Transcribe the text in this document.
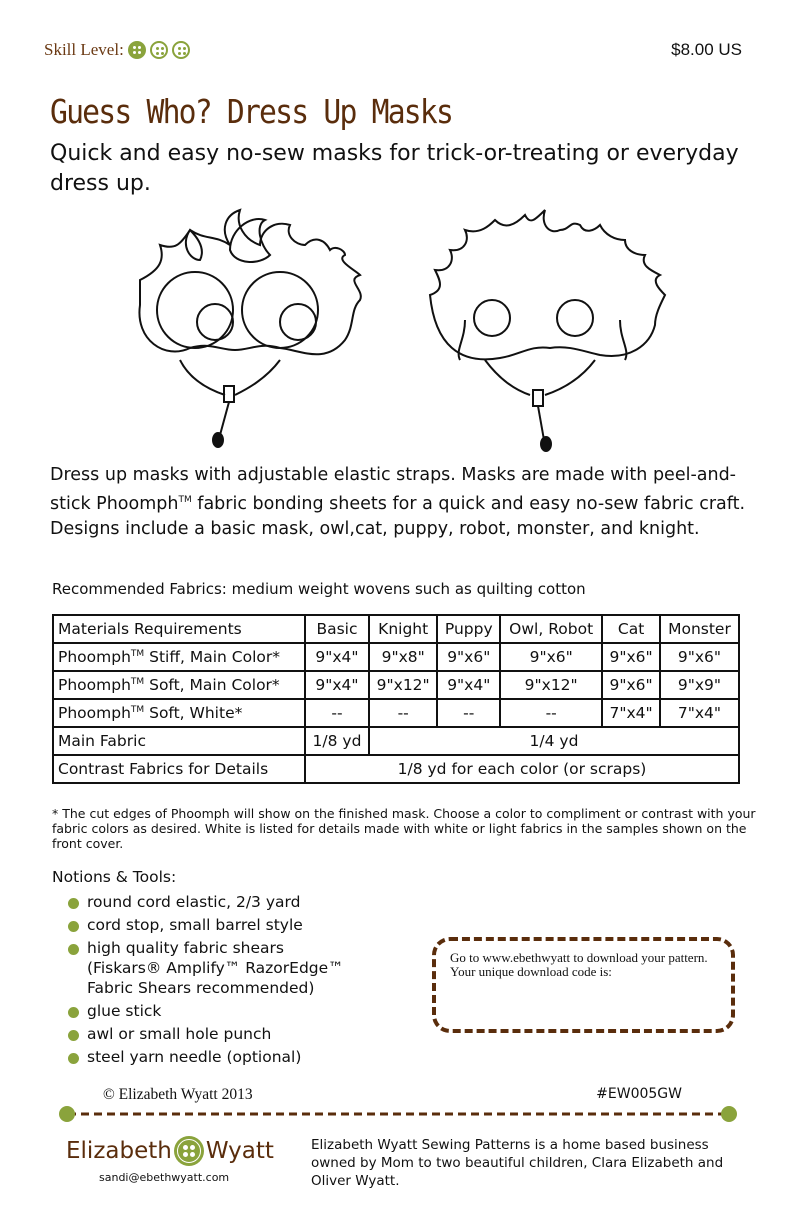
Skill Level:	$8.00 US
Guess Who? Dress Up Masks
Quick and easy no-sew masks for trick-or-treating or everyday dress up.
Dress up masks with adjustable elastic straps. Masks are made with peel-and-stick Phoomph™ fabric bonding sheets for a quick and easy no-sew fabric craft. Designs include a basic mask, owl,cat, puppy, robot, monster, and knight.
Recommended Fabrics: medium weight wovens such as quilting cotton
Materials Requirements	Basic	Knight	Puppy	Owl, Robot	Cat	Monster
Phoomph™ Stiff, Main Color*	9"x4"	9"x8"	9"x6"	9"x6"	9"x6"	9"x6"
Phoomph™ Soft, Main Color*	9"x4"	9"x12"	9"x4"	9"x12"	9"x6"	9"x9"
Phoomph™ Soft, White*	--	--	--	--	7"x4"	7"x4"
Main Fabric	1/8 yd	1/4 yd				
Contrast Fabrics for Details	1/8 yd for each color (or scraps)					
* The cut edges of Phoomph will show on the finished mask. Choose a color to compliment or contrast with your fabric colors as desired. White is listed for details made with white or light fabrics in the samples shown on the front cover.
Notions & Tools:
round cord elastic, 2/3 yard
cord stop, small barrel style
high quality fabric shears
(Fiskars® Amplify™ RazorEdge™
Fabric Shears recommended)
glue stick
awl or small hole punch
steel yarn needle (optional)
Go to www.ebethwyatt to download your pattern. Your unique download code is:
© Elizabeth Wyatt 2013	#EW005GW
Elizabeth Wyatt
sandi@ebethwyatt.com
Elizabeth Wyatt Sewing Patterns is a home based business owned by Mom to two beautiful children, Clara Elizabeth and Oliver Wyatt.
